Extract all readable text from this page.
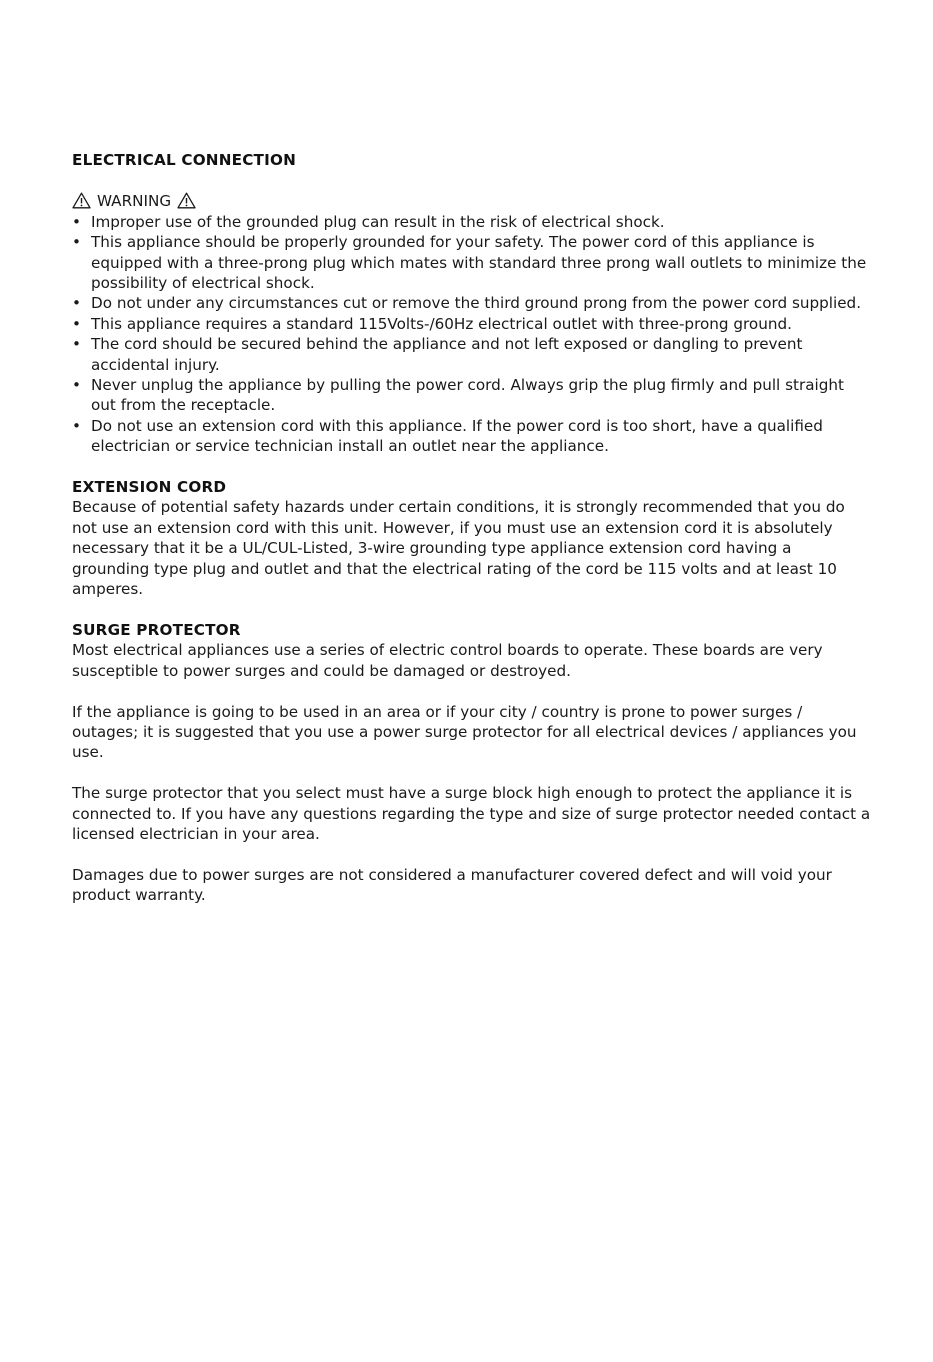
ELECTRICAL CONNECTION
WARNING
• Improper use of the grounded plug can result in the risk of electrical shock.
• This appliance should be properly grounded for your safety. The power cord of this appliance is equipped with a three-prong plug which mates with standard three prong wall outlets to minimize the possibility of electrical shock.
• Do not under any circumstances cut or remove the third ground prong from the power cord supplied.
• This appliance requires a standard 115Volts-/60Hz electrical outlet with three-prong ground.
• The cord should be secured behind the appliance and not left exposed or dangling to prevent accidental injury.
• Never unplug the appliance by pulling the power cord. Always grip the plug firmly and pull straight out from the receptacle.
• Do not use an extension cord with this appliance. If the power cord is too short, have a qualified electrician or service technician install an outlet near the appliance.
EXTENSION CORD

Because of potential safety hazards under certain conditions, it is strongly recommended that you do not use an extension cord with this unit. However, if you must use an extension cord it is absolutely necessary that it be a UL/CUL-Listed, 3-wire grounding type appliance extension cord having a grounding type plug and outlet and that the electrical rating of the cord be 115 volts and at least 10 amperes.

SURGE PROTECTOR

Most electrical appliances use a series of electric control boards to operate. These boards are very susceptible to power surges and could be damaged or destroyed.

If the appliance is going to be used in an area or if your city / country is prone to power surges / outages; it is suggested that you use a power surge protector for all electrical devices / appliances you use.

The surge protector that you select must have a surge block high enough to protect the appliance it is connected to. If you have any questions regarding the type and size of surge protector needed contact a licensed electrician in your area.

Damages due to power surges are not considered a manufacturer covered defect and will void your product warranty.
